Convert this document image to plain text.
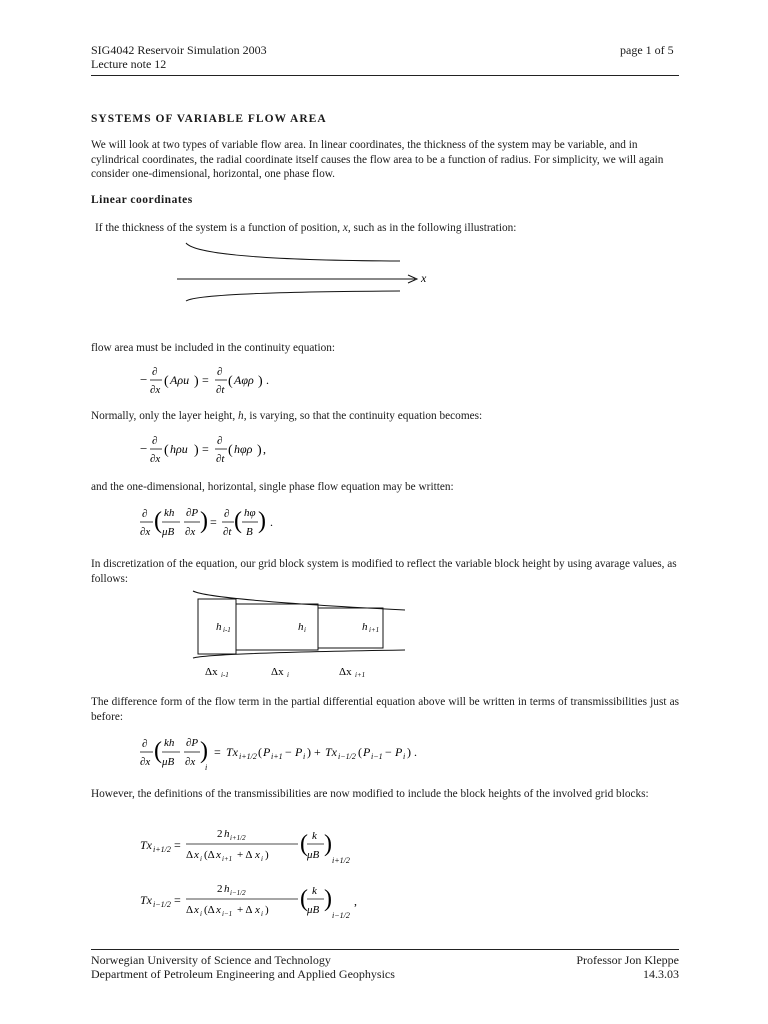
SIG4042 Reservoir Simulation 2003
Lecture note 12
page 1 of 5
SYSTEMS OF VARIABLE FLOW AREA
We will look at two types of variable flow area. In linear coordinates, the thickness of the system may be variable, and in cylindrical coordinates, the radial coordinate itself causes the flow area to be a function of radius. For simplicity, we will again consider one-dimensional, horizontal, one phase flow.
Linear coordinates
If the thickness of the system is a function of position, x, such as in the following illustration:
x
flow area must be included in the continuity equation:
− ∂
∂x
( Aρu ) =
∂
∂t
( Aφρ ) .
Normally, only the layer height, h, is varying, so that the continuity equation becomes:
− ∂
∂x
( hρu ) =
∂
∂t
( hφρ ) ,
and the one-dimensional, horizontal, single phase flow equation may be written:
∂
∂x ( kh
μB
∂P
∂x ) =
∂
∂t ( hφ
B ) .
In discretization of the equation, our grid block system is modified to reflect the variable block height by using avarage values, as follows:
h i-1	h i	h i+1
Δx i-1	Δx i	Δx i+1
The difference form of the flow term in the partial differential equation above will be written in terms of transmissibilities just as before:
∂
∂x ( kh
μB
∂P
∂x )
i
= Tx i+1/2 ( P i+1 − P i ) + Tx i−1/2 ( P i−1 − P i ) .
However, the definitions of the transmissibilities are now modified to include the block heights of the involved grid blocks:
Tx i+1/2 =
2 h i+1/2
Δ x i (Δ x i+1 + Δ x i ) ( k
μB )
i+1/2
Tx i−1/2 =
2 h i−1/2
Δ x i (Δ x i−1 + Δ x i ) ( k
μB )
i−1/2
,
Norwegian University of Science and Technology
Department of Petroleum Engineering and Applied Geophysics
Professor Jon Kleppe
14.3.03
